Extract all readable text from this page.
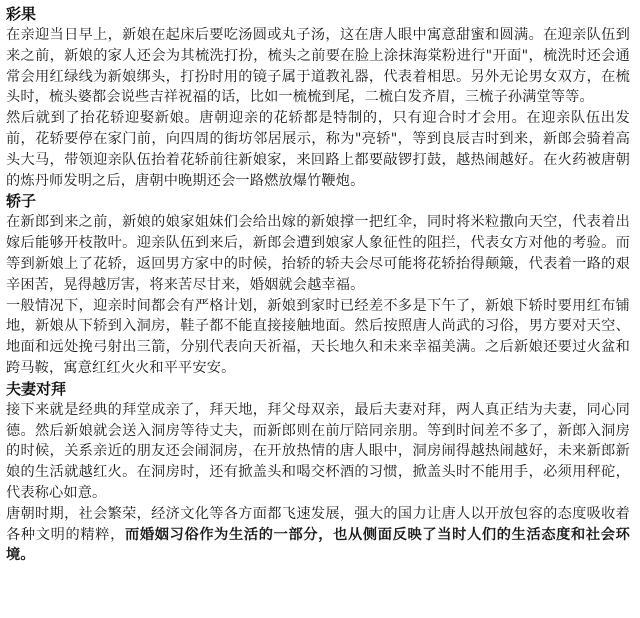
彩果

在亲迎当日早上，新娘在起床后要吃汤圆或丸子汤，这在唐人眼中寓意甜蜜和圆满。在迎亲队伍到来之前，新娘的家人还会为其梳洗打扮，梳头之前要在脸上涂抹海棠粉进行"开面"，梳洗时还会通常会用红绿线为新娘绑头，打扮时用的镜子属于道教礼器，代表着相思。另外无论男女双方，在梳头时，梳头婆都会说些吉祥祝福的话，比如一梳梳到尾，二梳白发齐眉，三梳子孙满堂等等。

然后就到了抬花轿迎娶新娘。唐朝迎亲的花轿都是特制的，只有迎合时才会用。在迎亲队伍出发前，花轿要停在家门前，向四周的街坊邻居展示，称为"亮轿"，等到良辰吉时到来，新郎会骑着高头大马，带领迎亲队伍抬着花轿前往新娘家，来回路上都要敲锣打鼓，越热闹越好。在火药被唐朝的炼丹师发明之后，唐朝中晚期还会一路燃放爆竹鞭炮。

轿子

在新郎到来之前，新娘的娘家姐妹们会给出嫁的新娘撑一把红伞，同时将米粒撒向天空，代表着出嫁后能够开枝散叶。迎亲队伍到来后，新郎会遭到娘家人象征性的阻拦，代表女方对他的考验。而等到新娘上了花轿，返回男方家中的时候，抬轿的轿夫会尽可能将花轿抬得颠簸，代表着一路的艰辛困苦，晃得越厉害，将来苦尽甘来，婚姻就会越幸福。

一般情况下，迎亲时间都会有严格计划，新娘到家时已经差不多是下午了，新娘下轿时要用红布铺地，新娘从下轿到入洞房，鞋子都不能直接接触地面。然后按照唐人尚武的习俗，男方要对天空、地面和远处挽弓射出三箭，分别代表向天祈福，天长地久和未来幸福美满。之后新娘还要过火盆和跨马鞍，寓意红红火火和平平安安。

夫妻对拜

接下来就是经典的拜堂成亲了，拜天地，拜父母双亲，最后夫妻对拜，两人真正结为夫妻，同心同德。然后新娘就会送入洞房等待丈夫，而新郎则在前厅陪同亲朋。等到时间差不多了，新郎入洞房的时候，关系亲近的朋友还会闹洞房，在开放热情的唐人眼中，洞房闹得越热闹越好，未来新郎新娘的生活就越红火。在洞房时，还有掀盖头和喝交杯酒的习惯，掀盖头时不能用手，必须用秤砣，代表称心如意。

唐朝时期，社会繁荣，经济文化等各方面都飞速发展，强大的国力让唐人以开放包容的态度吸收着各种文明的精粹，而婚姻习俗作为生活的一部分，也从侧面反映了当时人们的生活态度和社会环境。
